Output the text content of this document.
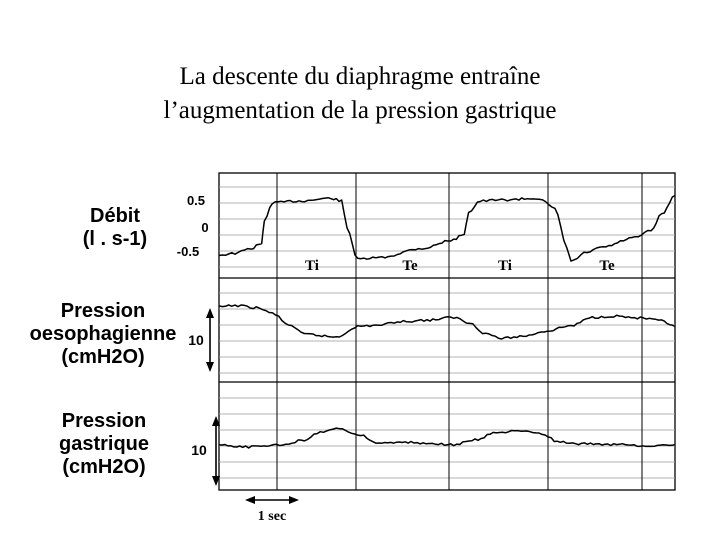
La descente du diaphragme entraîne
l’augmentation de la pression gastrique
Débit
(l . s-1)
Pression
oesophagienne
(cmH2O)
Pression
gastrique
(cmH2O)
0.5
0
-0.5
Ti	Te	Ti	Te
10
10
1 sec
